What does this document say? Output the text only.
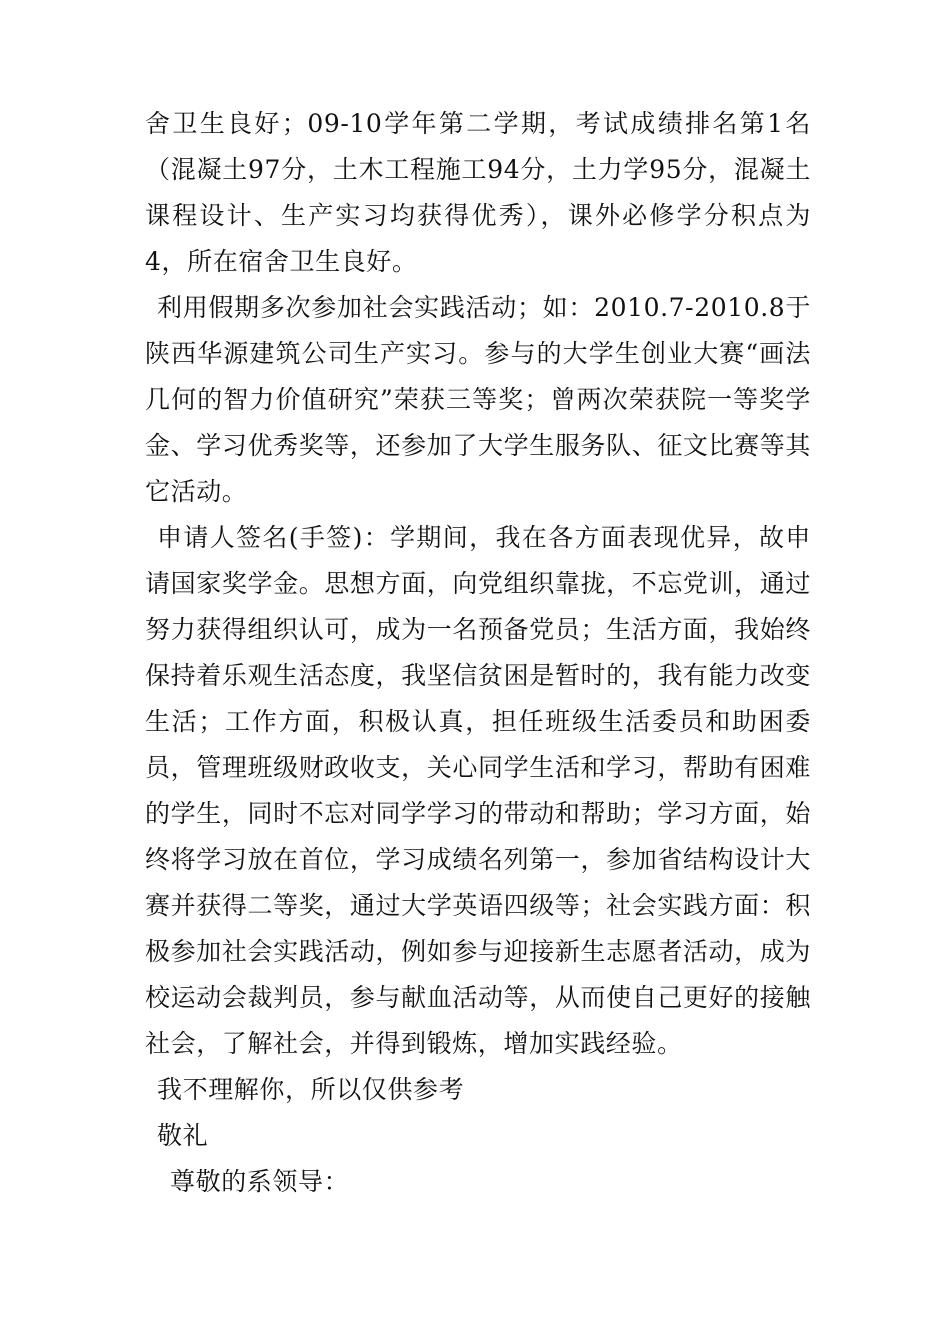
舍卫生良好；09-10学年第二学期，考试成绩排名第1名（混凝土97分，土木工程施工94分，土力学95分，混凝土课程设计、生产实习均获得优秀），课外必修学分积点为4，所在宿舍卫生良好。

利用假期多次参加社会实践活动；如：2010.7-2010.8于陕西华源建筑公司生产实习。参与的大学生创业大赛“画法几何的智力价值研究”荣获三等奖；曾两次荣获院一等奖学金、学习优秀奖等，还参加了大学生服务队、征文比赛等其它活动。

申请人签名(手签)：学期间，我在各方面表现优异，故申请国家奖学金。思想方面，向党组织靠拢，不忘党训，通过努力获得组织认可，成为一名预备党员；生活方面，我始终保持着乐观生活态度，我坚信贫困是暂时的，我有能力改变生活；工作方面，积极认真，担任班级生活委员和助困委员，管理班级财政收支，关心同学生活和学习，帮助有困难的学生，同时不忘对同学学习的带动和帮助；学习方面，始终将学习放在首位，学习成绩名列第一，参加省结构设计大赛并获得二等奖，通过大学英语四级等；社会实践方面：积极参加社会实践活动，例如参与迎接新生志愿者活动，成为校运动会裁判员，参与献血活动等，从而使自己更好的接触社会，了解社会，并得到锻炼，增加实践经验。

我不理解你，所以仅供参考

敬礼

尊敬的系领导：
